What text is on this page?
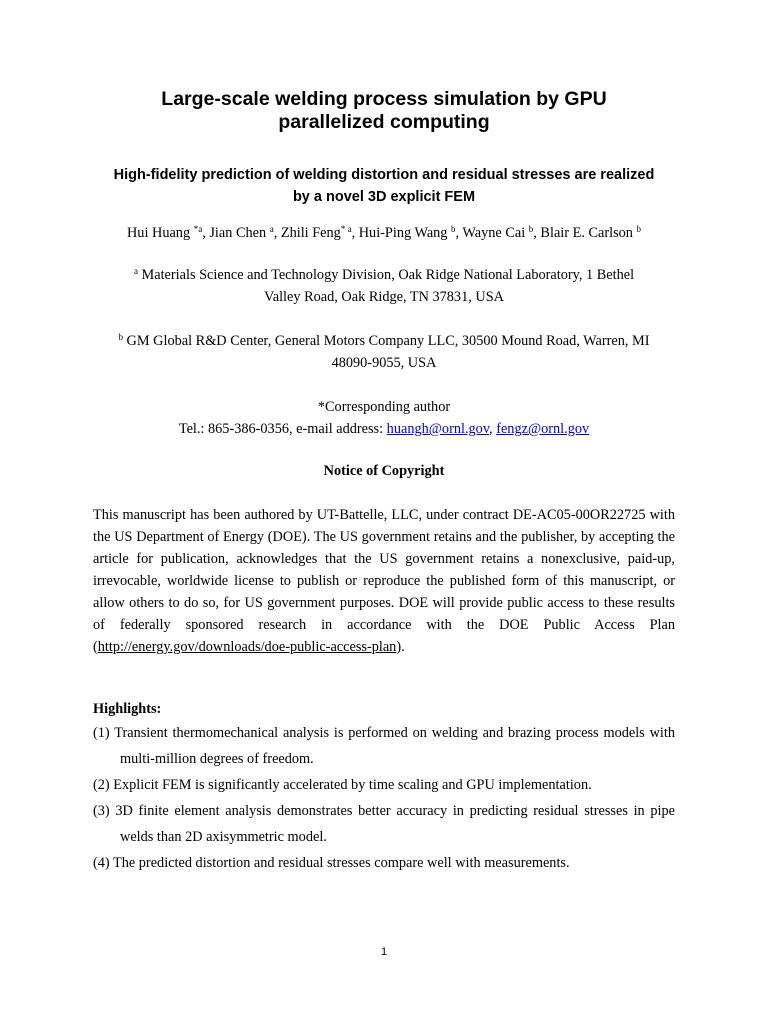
Large-scale welding process simulation by GPU
parallelized computing

High-fidelity prediction of welding distortion and residual stresses are realized
by a novel 3D explicit FEM

Hui Huang $^{*a}$, Jian Chen $^a$, Zhili Feng$^{* a}$, Hui-Ping Wang $^b$, Wayne Cai $^b$, Blair E. Carlson $^b$

$^a$ Materials Science and Technology Division, Oak Ridge National Laboratory, 1 Bethel
Valley Road, Oak Ridge, TN 37831, USA

$^b$ GM Global R&D Center, General Motors Company LLC, 30500 Mound Road, Warren, MI
48090-9055, USA

*Corresponding author
Tel.: 865-386-0356, e-mail address: huangh@ornl.gov, fengz@ornl.gov

Notice of Copyright

This manuscript has been authored by UT-Battelle, LLC, under contract DE-AC05-00OR22725 with the US Department of Energy (DOE). The US government retains and the publisher, by accepting the article for publication, acknowledges that the US government retains a nonexclusive, paid-up, irrevocable, worldwide license to publish or reproduce the published form of this manuscript, or allow others to do so, for US government purposes. DOE will provide public access to these results of federally sponsored research in accordance with the DOE Public Access Plan (http://energy.gov/downloads/doe-public-access-plan).

Highlights:

(1) Transient thermomechanical analysis is performed on welding and brazing process models with multi-million degrees of freedom.
(2) Explicit FEM is significantly accelerated by time scaling and GPU implementation.
(3) 3D finite element analysis demonstrates better accuracy in predicting residual stresses in pipe welds than 2D axisymmetric model.
(4) The predicted distortion and residual stresses compare well with measurements.
1
